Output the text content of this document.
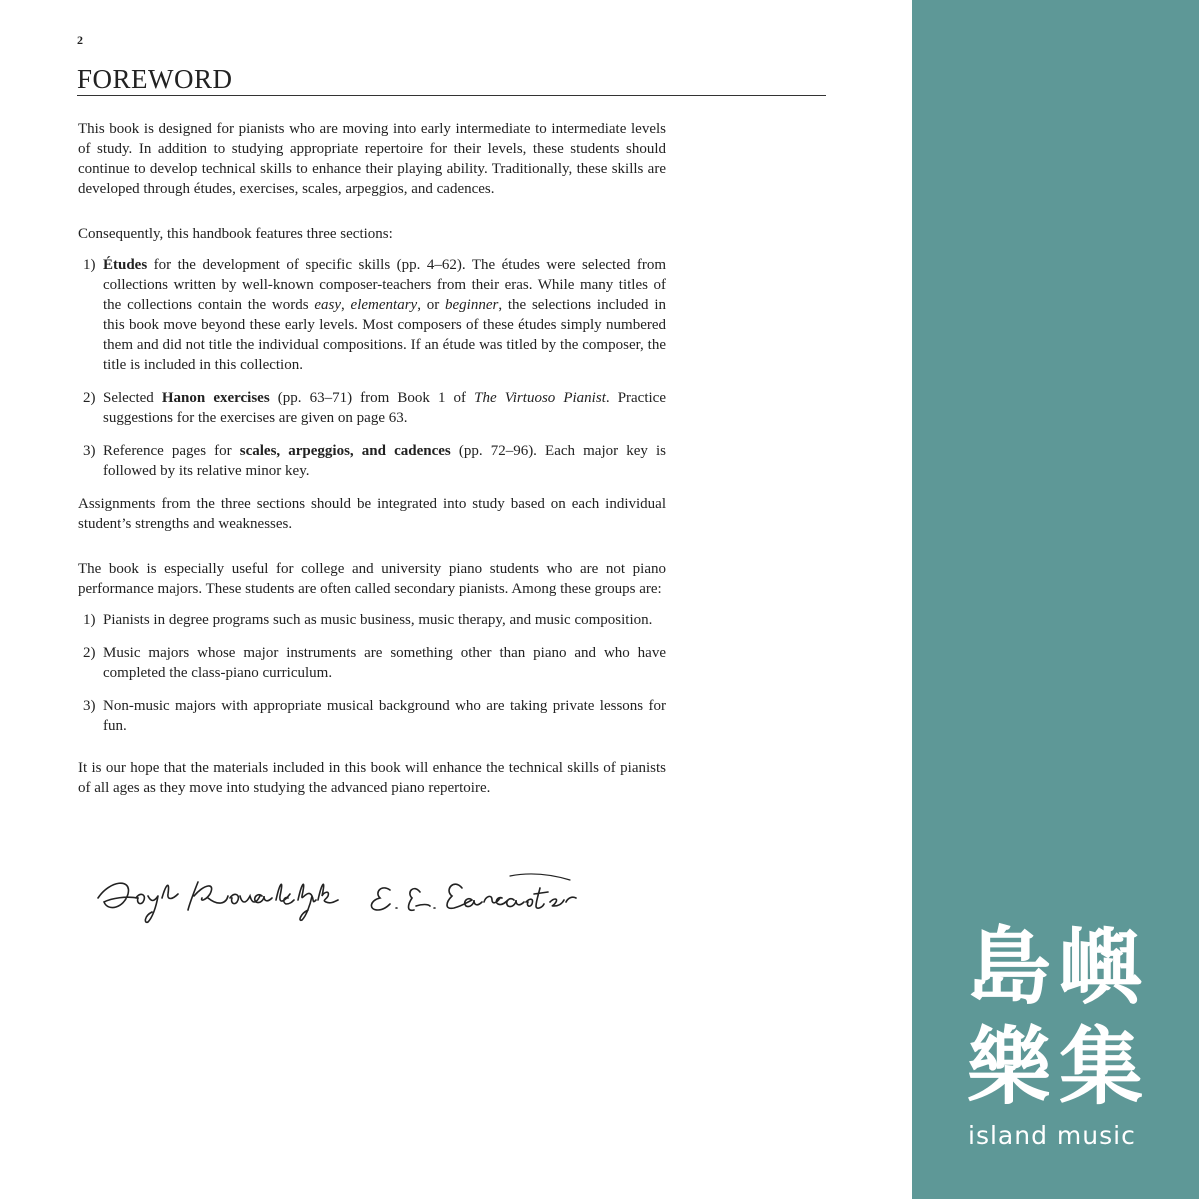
2
FOREWORD

This book is designed for pianists who are moving into early intermediate to intermediate levels of study. In addition to studying appropriate repertoire for their levels, these students should continue to develop technical skills to enhance their playing ability. Traditionally, these skills are developed through études, exercises, scales, arpeggios, and cadences.

Consequently, this handbook features three sections:

1) Études for the development of specific skills (pp. 4–62). The études were selected from collections written by well-known composer-teachers from their eras. While many titles of the collections contain the words easy, elementary, or beginner, the selections included in this book move beyond these early levels. Most composers of these études simply numbered them and did not title the individual compositions. If an étude was titled by the composer, the title is included in this collection.
2) Selected Hanon exercises (pp. 63–71) from Book 1 of The Virtuoso Pianist. Practice suggestions for the exercises are given on page 63.
3) Reference pages for scales, arpeggios, and cadences (pp. 72–96). Each major key is followed by its relative minor key.

Assignments from the three sections should be integrated into study based on each individual student’s strengths and weaknesses.

The book is especially useful for college and university piano students who are not piano performance majors. These students are often called secondary pianists. Among these groups are:

1) Pianists in degree programs such as music business, music therapy, and music composition.
2) Music majors whose major instruments are something other than piano and who have completed the class-piano curriculum.
3) Non-music majors with appropriate musical background who are taking private lessons for fun.

It is our hope that the materials included in this book will enhance the technical skills of pianists of all ages as they move into studying the advanced piano repertoire.

島 嶼
樂 集
island music
